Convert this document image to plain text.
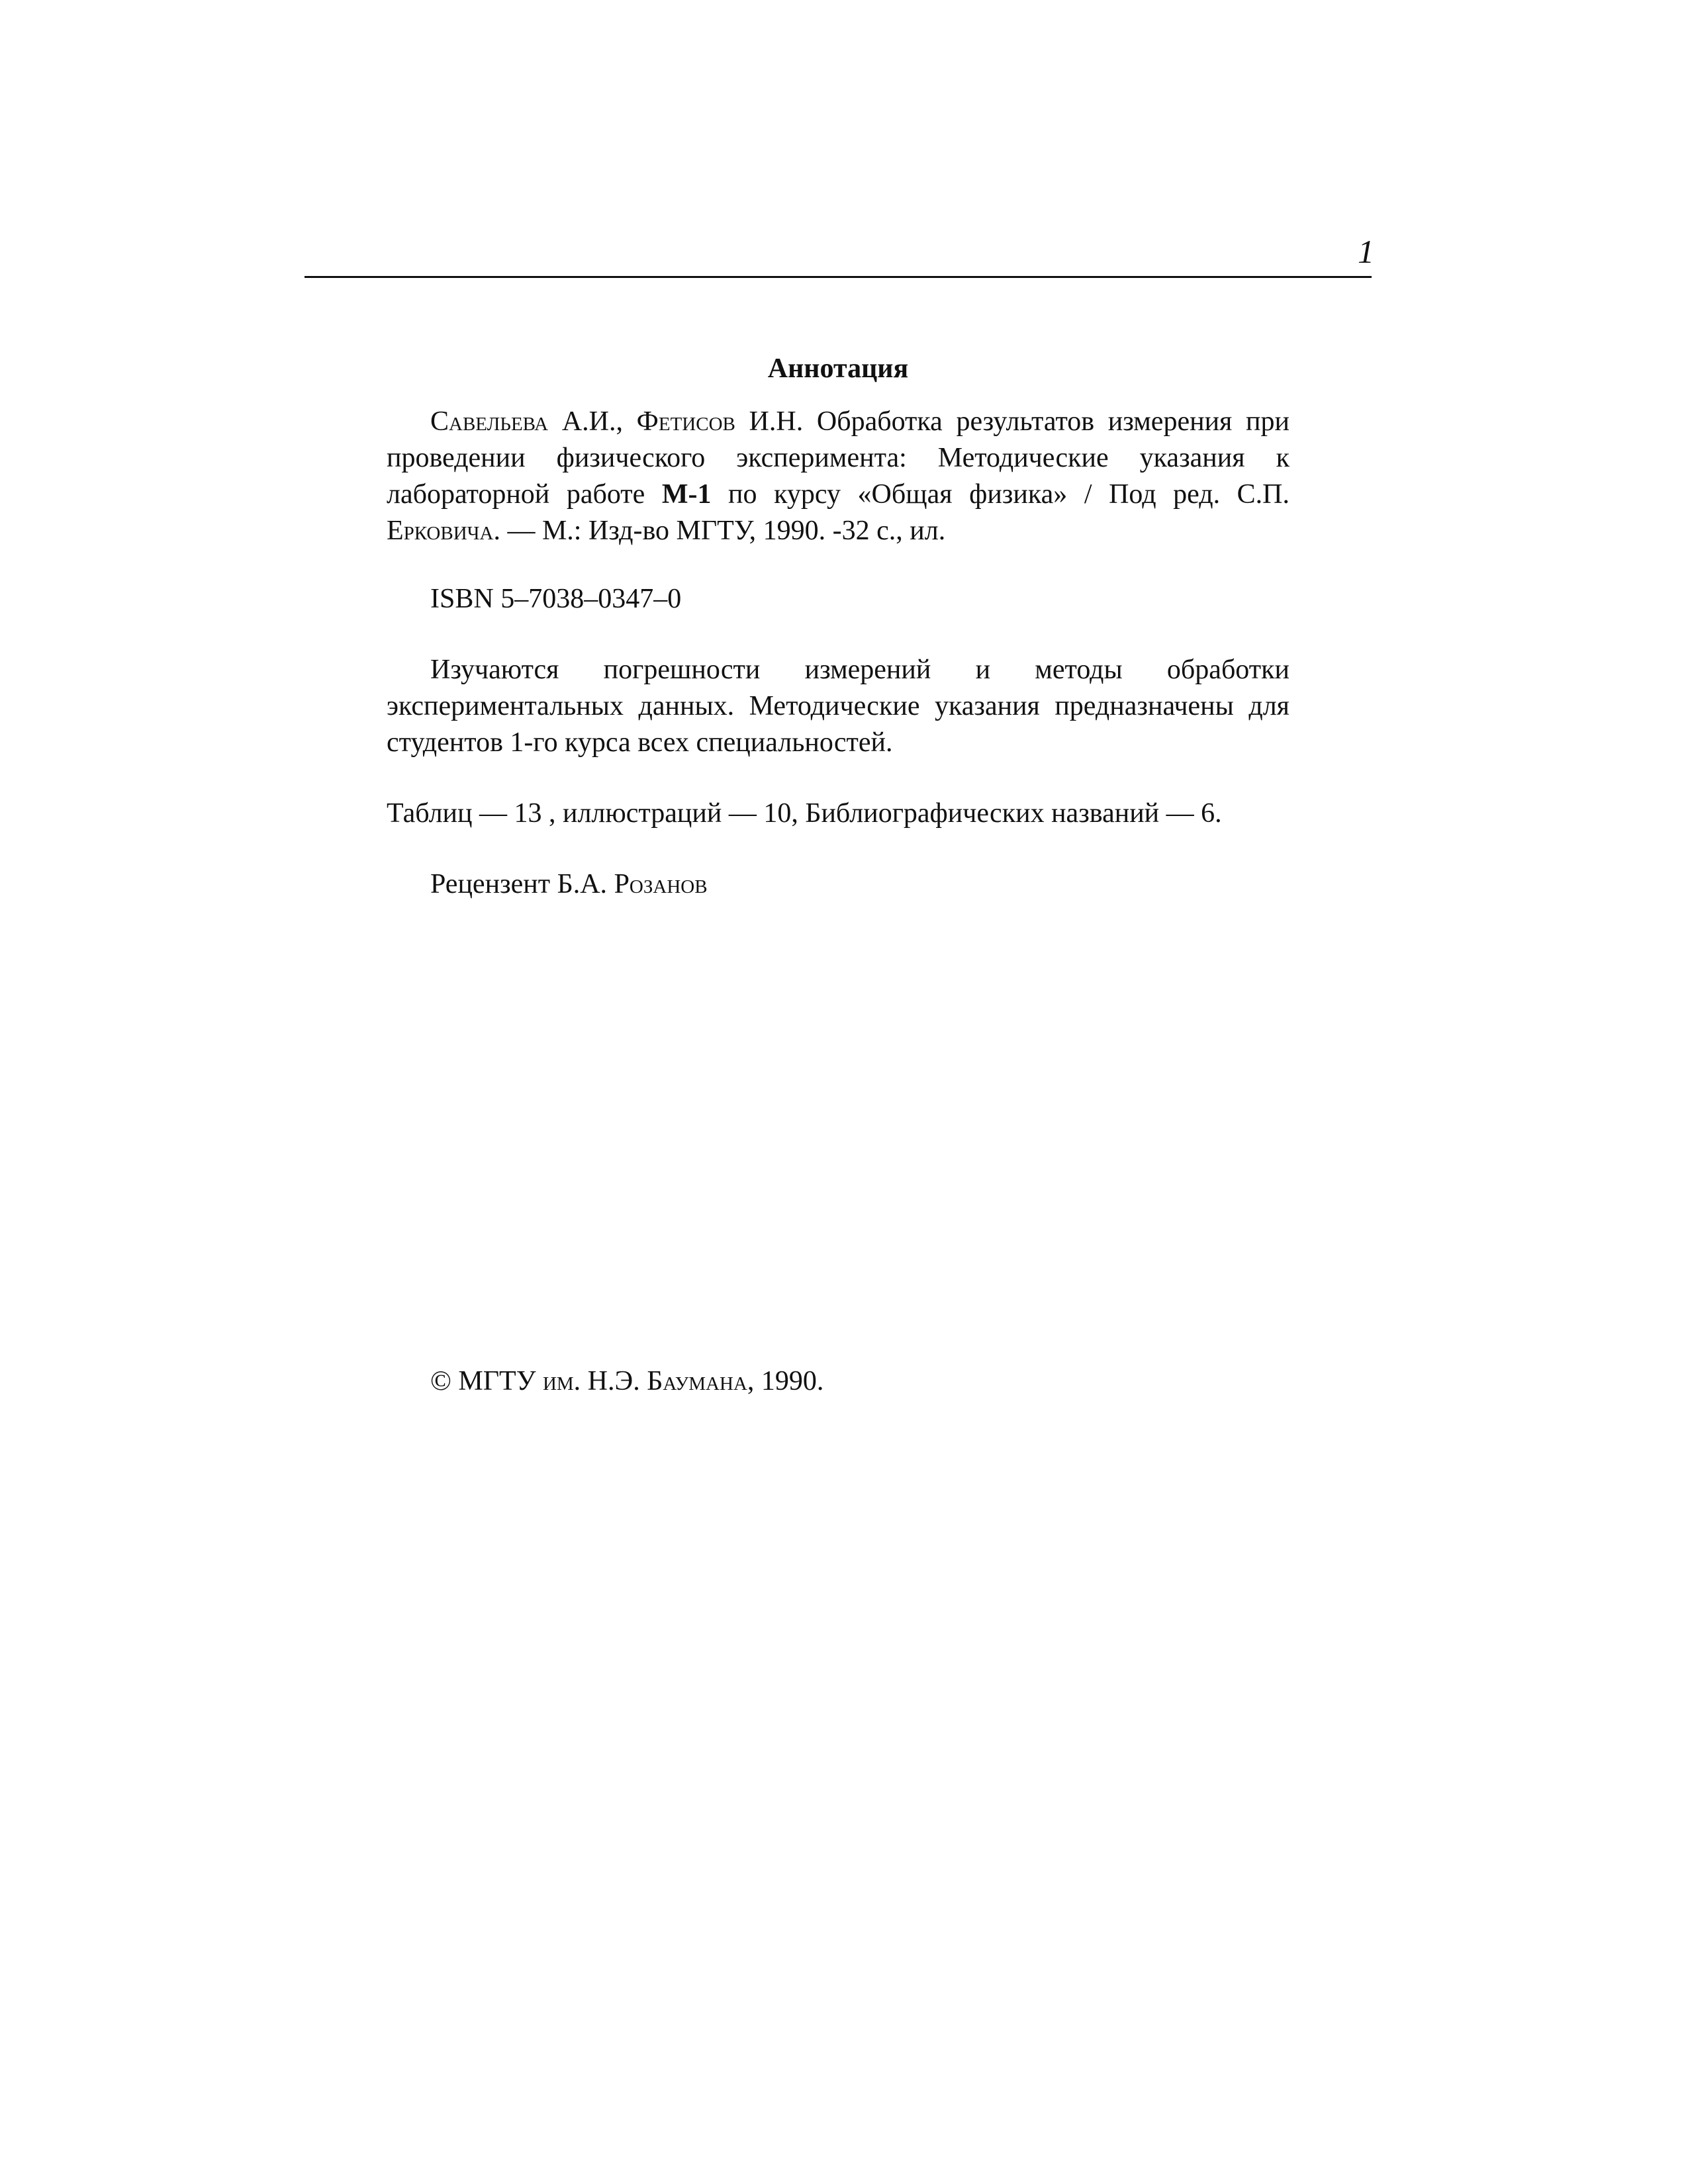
1

Аннотация

Савельева А.И., Фетисов И.Н. Обработка результатов измерения при проведении физического эксперимента: Методические указания к лабораторной работе М-1 по курсу «Общая физика» / Под ред. С.П. Ерковича. — М.: Изд-во МГТУ, 1990. -32 с., ил.

ISBN 5–7038–0347–0

Изучаются погрешности измерений и методы обработки экспериментальных данных. Методические указания предназначены для студентов 1-го курса всех специальностей.

Таблиц — 13 , иллюстраций — 10, Библиографических названий — 6.

Рецензент Б.А. Розанов

© МГТУ им. Н.Э. Баумана, 1990.
